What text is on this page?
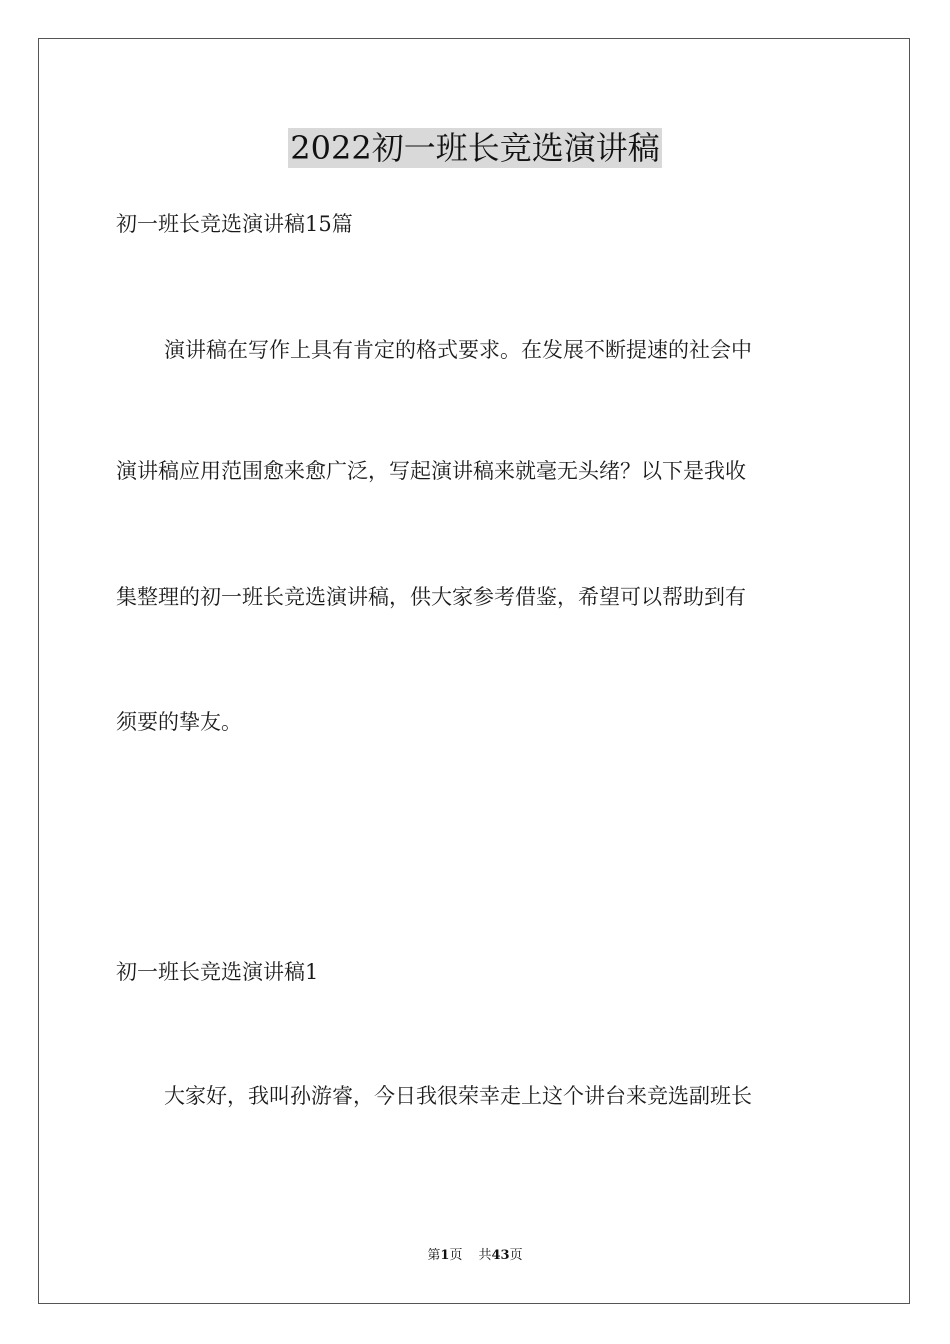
2022初一班长竞选演讲稿
初一班长竞选演讲稿15篇
演讲稿在写作上具有肯定的格式要求。在发展不断提速的社会中
演讲稿应用范围愈来愈广泛，写起演讲稿来就毫无头绪？以下是我收
集整理的初一班长竞选演讲稿，供大家参考借鉴，希望可以帮助到有
须要的挚友。
初一班长竞选演讲稿1
大家好，我叫孙游睿，今日我很荣幸走上这个讲台来竞选副班长
第1页 共43页
